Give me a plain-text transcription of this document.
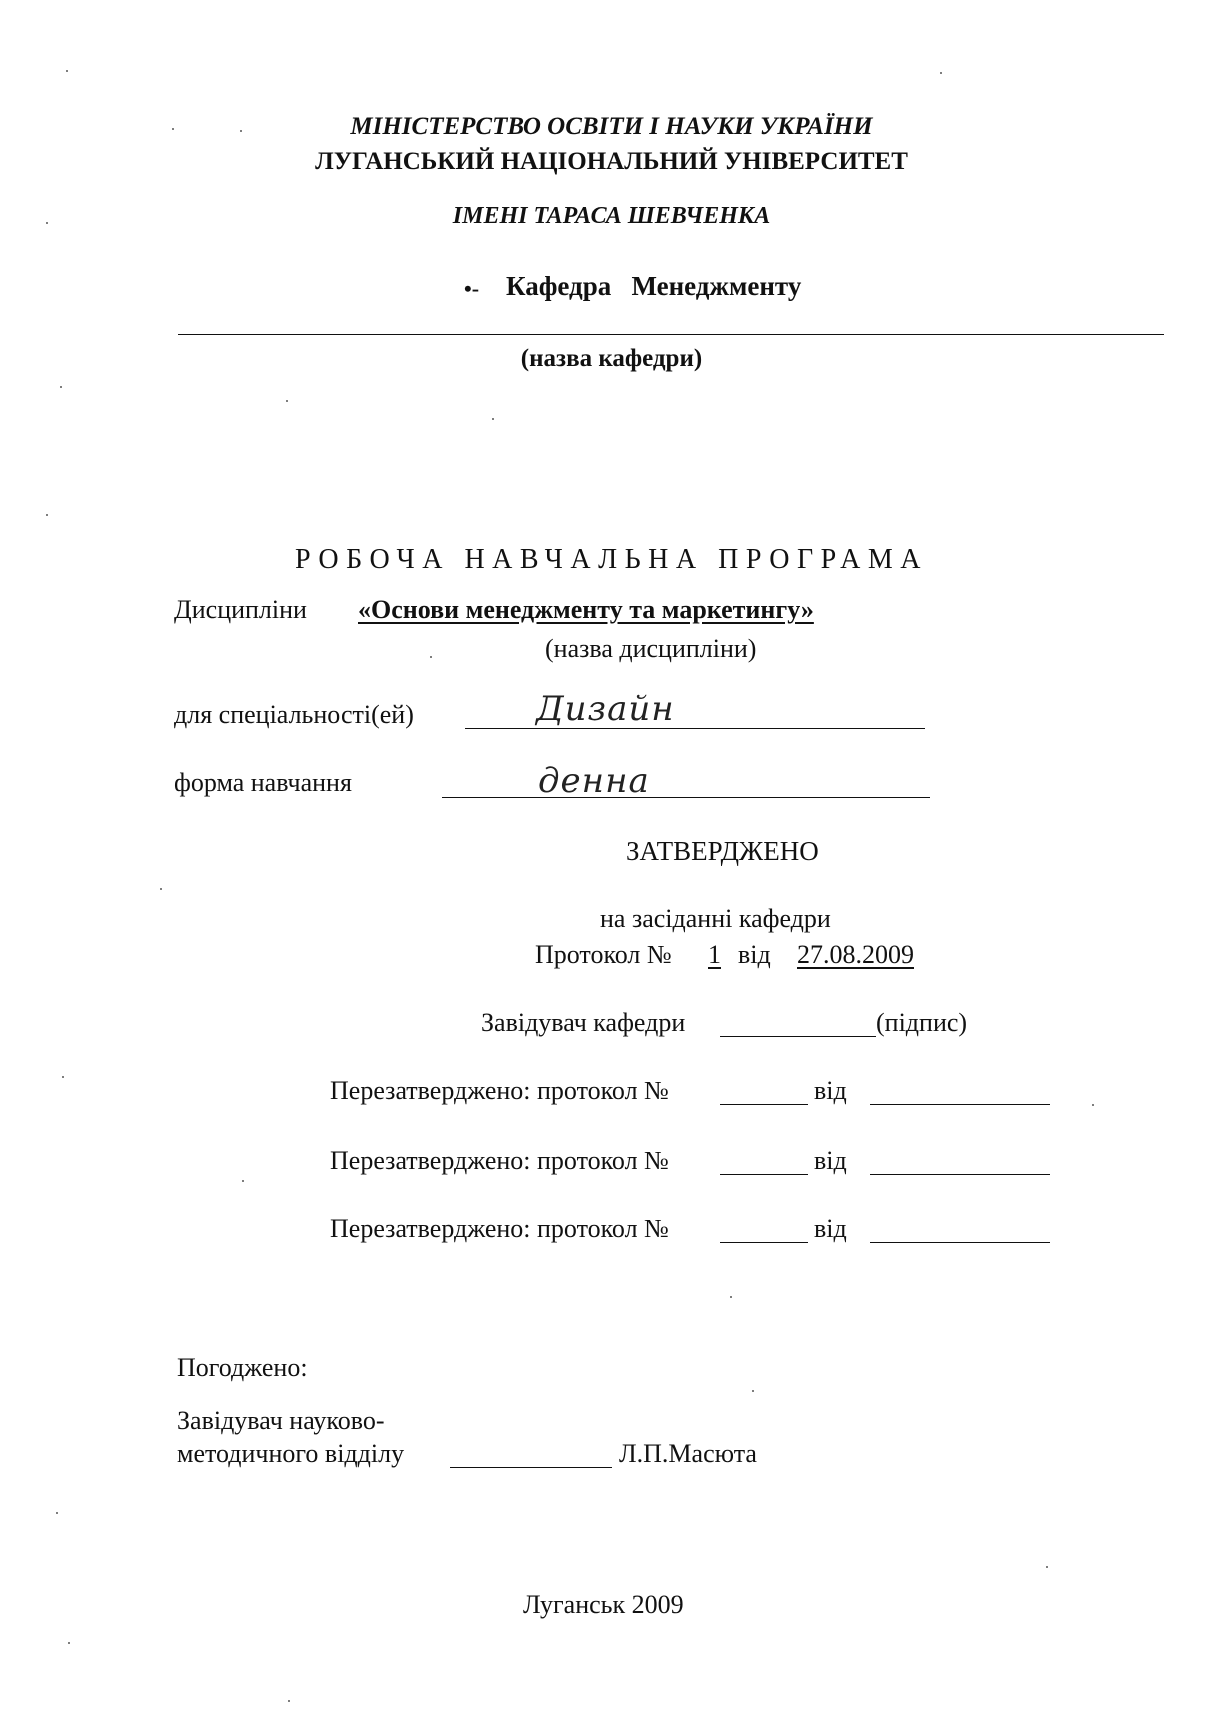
МІНІСТЕРСТВО ОСВІТИ І НАУКИ УКРАЇНИ
ЛУГАНСЬКИЙ НАЦІОНАЛЬНИЙ УНІВЕРСИТЕТ
ІМЕНІ ТАРАСА ШЕВЧЕНКА
•- Кафедра   Менеджменту
(назва кафедри)
РОБОЧА НАВЧАЛЬНА ПРОГРАМА
Дисципліни «Основи менеджменту та маркетингу»
(назва дисципліни)
для спеціальності(ей)	Дизайн
форма навчання	денна
ЗАТВЕРДЖЕНО
на засіданні кафедри
Протокол № 1 від 27.08.2009
Завідувач кафедри	(підпис)
Перезатверджено: протокол №	від
Перезатверджено: протокол №	від
Перезатверджено: протокол №	від
Погоджено:
Завідувач науково-
методичного відділу	Л.П.Масюта
Луганськ 2009
